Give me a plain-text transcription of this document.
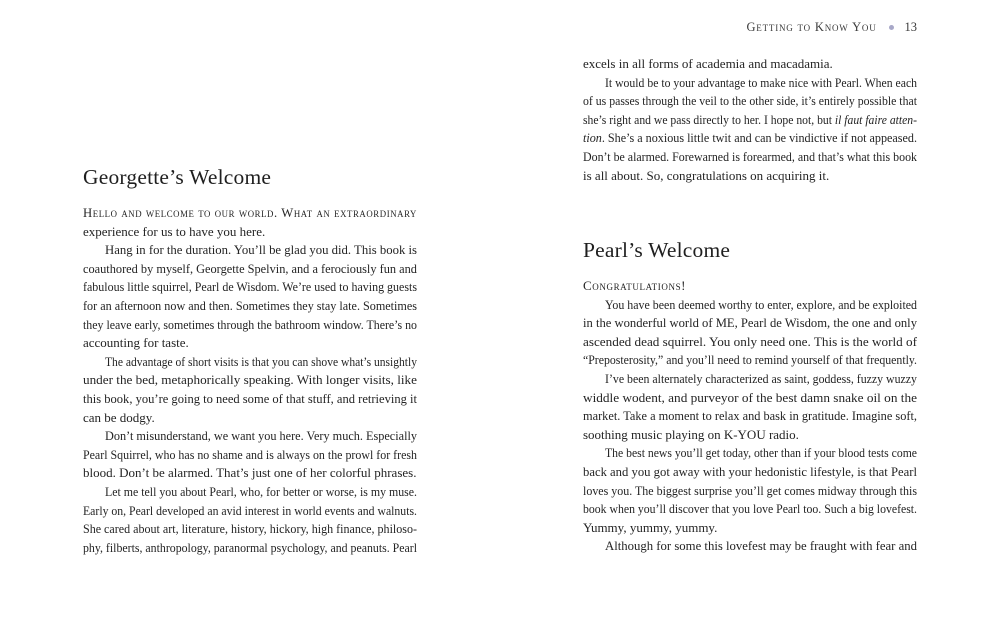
Getting to Know You 13
Georgette’s Welcome
Hello and welcome to our world. What an extraordinary
experience for us to have you here.
Hang in for the duration. You’ll be glad you did. This book is
coauthored by myself, Georgette Spelvin, and a ferociously fun and
fabulous little squirrel, Pearl de Wisdom. We’re used to having guests
for an afternoon now and then. Sometimes they stay late. Sometimes
they leave early, sometimes through the bathroom window. There’s no
accounting for taste.
The advantage of short visits is that you can shove what’s unsightly
under the bed, metaphorically speaking. With longer visits, like
this book, you’re going to need some of that stuff, and retrieving it
can be dodgy.
Don’t misunderstand, we want you here. Very much. Especially
Pearl Squirrel, who has no shame and is always on the prowl for fresh
blood. Don’t be alarmed. That’s just one of her colorful phrases.
Let me tell you about Pearl, who, for better or worse, is my muse.
Early on, Pearl developed an avid interest in world events and walnuts.
She cared about art, literature, history, hickory, high finance, philoso-
phy, filberts, anthropology, paranormal psychology, and peanuts. Pearl
excels in all forms of academia and macadamia.
It would be to your advantage to make nice with Pearl. When each
of us passes through the veil to the other side, it’s entirely possible that
she’s right and we pass directly to her. I hope not, but il faut faire atten-
tion. She’s a noxious little twit and can be vindictive if not appeased.
Don’t be alarmed. Forewarned is forearmed, and that’s what this book
is all about. So, congratulations on acquiring it.
Pearl’s Welcome
Congratulations!
You have been deemed worthy to enter, explore, and be exploited
in the wonderful world of ME, Pearl de Wisdom, the one and only
ascended dead squirrel. You only need one. This is the world of
“Preposterosity,” and you’ll need to remind yourself of that frequently.
I’ve been alternately characterized as saint, goddess, fuzzy wuzzy
widdle wodent, and purveyor of the best damn snake oil on the
market. Take a moment to relax and bask in gratitude. Imagine soft,
soothing music playing on K-YOU radio.
The best news you’ll get today, other than if your blood tests come
back and you got away with your hedonistic lifestyle, is that Pearl
loves you. The biggest surprise you’ll get comes midway through this
book when you’ll discover that you love Pearl too. Such a big lovefest.
Yummy, yummy, yummy.
Although for some this lovefest may be fraught with fear and
